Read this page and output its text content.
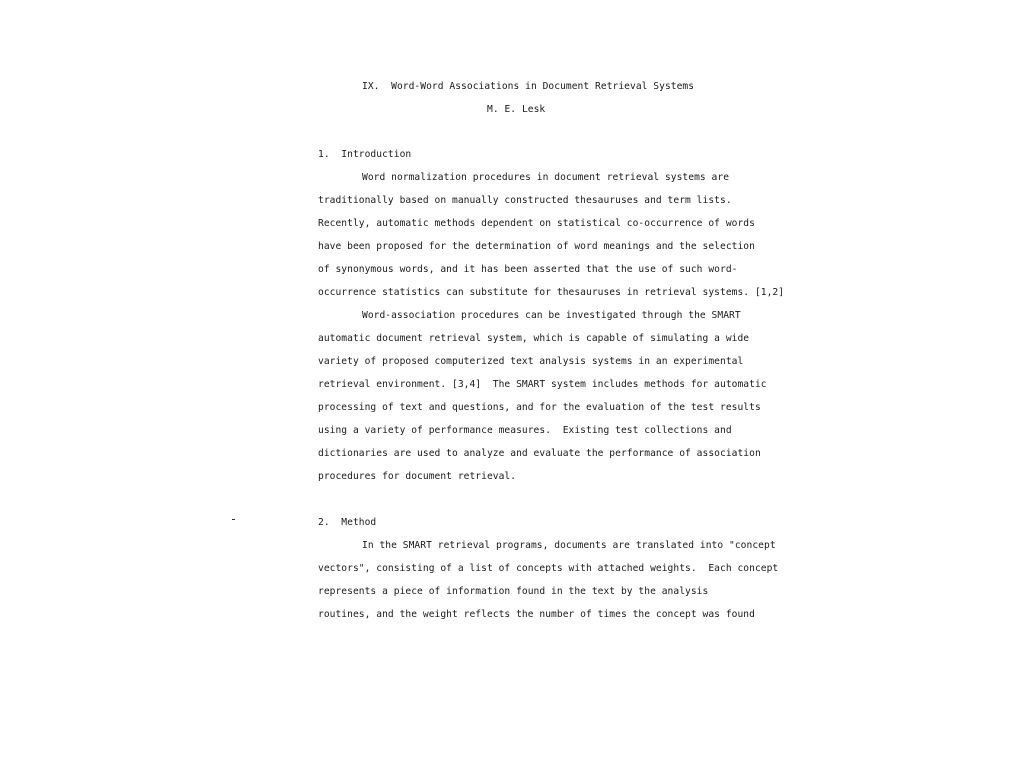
IX.  Word-Word Associations in Document Retrieval Systems
M. E. Lesk
1.  Introduction
Word normalization procedures in document retrieval systems are
traditionally based on manually constructed thesauruses and term lists.
Recently, automatic methods dependent on statistical co-occurrence of words
have been proposed for the determination of word meanings and the selection
of synonymous words, and it has been asserted that the use of such word-
occurrence statistics can substitute for thesauruses in retrieval systems. [1,2]
Word-association procedures can be investigated through the SMART
automatic document retrieval system, which is capable of simulating a wide
variety of proposed computerized text analysis systems in an experimental
retrieval environment. [3,4]  The SMART system includes methods for automatic
processing of text and questions, and for the evaluation of the test results
using a variety of performance measures.  Existing test collections and
dictionaries are used to analyze and evaluate the performance of association
procedures for document retrieval.
2.  Method
In the SMART retrieval programs, documents are translated into "concept
vectors", consisting of a list of concepts with attached weights.  Each concept
represents a piece of information found in the text by the analysis
routines, and the weight reflects the number of times the concept was found
